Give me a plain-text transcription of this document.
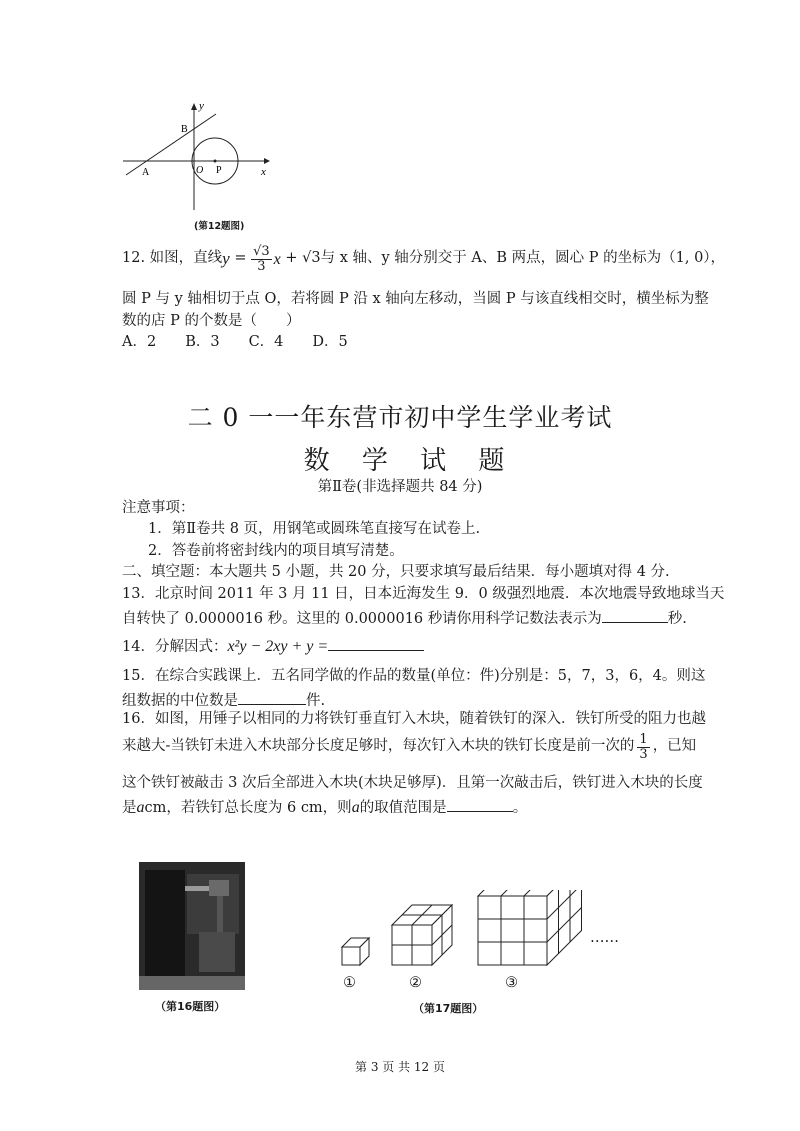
y
x
A
B
O P
(第12题图)
12. 如图，直线 $y = \frac{√3}{3}$ x + √3 与 x 轴、y 轴分别交于 A、B 两点，圆心 P 的坐标为（1, 0），
圆 P 与 y 轴相切于点 O，若将圆 P 沿 x 轴向左移动，当圆 P 与该直线相交时，横坐标为整
数的店 P 的个数是（　　）
A．2　　B．3　　C．4　　D．5
二 0 一一年东营市初中学生学业考试
数 学 试 题
第Ⅱ卷(非选择题共 84 分)
注意事项：
1．第Ⅱ卷共 8 页，用钢笔或圆珠笔直接写在试卷上.
2．答卷前将密封线内的项目填写清楚。
二、填空题：本大题共 5 小题，共 20 分，只要求填写最后结果．每小题填对得 4 分.
13．北京时间 2011 年 3 月 11 日，日本近海发生 9．0 级强烈地震．本次地震导致地球当天
自转快了 0.0000016 秒。这里的 0.0000016 秒请你用科学记数法表示为	秒.
14．分解因式：x²y − 2xy + y =
15．在综合实践课上．五名同学做的作品的数量(单位：件)分别是：5，7，3，6，4。则这
组数据的中位数是	件.
16．如图，用锤子以相同的力将铁钉垂直钉入木块，随着铁钉的深入．铁钉所受的阻力也越
来越大-当铁钉未进入木块部分长度足够时，每次钉入木块的铁钉长度是前一次的 $\frac{1}{3}$ ，已知
这个铁钉被敲击 3 次后全部进入木块(木块足够厚)．且第一次敲击后，铁钉进入木块的长度
是acm，若铁钉总长度为 6 cm，则a的取值范围是	。
（第16题图）
①	②	③
……
（第17题图）
第 3 页 共 12 页
